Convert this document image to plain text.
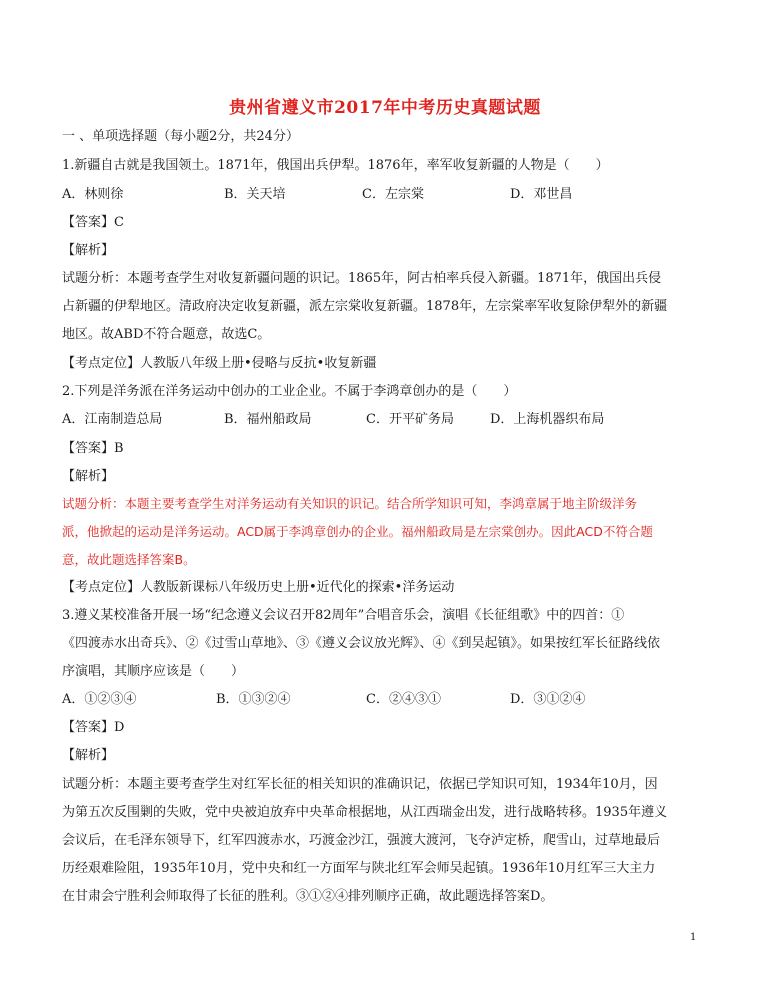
贵州省遵义市2017年中考历史真题试题
一 、单项选择题（每小题2分，共24分）
1.新疆自古就是我国领土。1871年，俄国出兵伊犁。1876年，率军收复新疆的人物是（　　）
A．林则徐	B．关天培	C．左宗棠	D．邓世昌
【答案】C
【解析】
试题分析：本题考查学生对收复新疆问题的识记。1865年，阿古柏率兵侵入新疆。1871年，俄国出兵侵
占新疆的伊犁地区。清政府决定收复新疆，派左宗棠收复新疆。1878年，左宗棠率军收复除伊犁外的新疆
地区。故ABD不符合题意，故选C。
【考点定位】人教版八年级上册•侵略与反抗•收复新疆
2.下列是洋务派在洋务运动中创办的工业企业。不属于李鸿章创办的是（　　）
A．江南制造总局	B．福州船政局	C．开平矿务局	D．上海机器织布局
【答案】B
【解析】
试题分析：本题主要考查学生对洋务运动有关知识的识记。结合所学知识可知，李鸿章属于地主阶级洋务
派，他掀起的运动是洋务运动。ACD属于李鸿章创办的企业。福州船政局是左宗棠创办。因此ACD不符合题
意，故此题选择答案B。
【考点定位】人教版新课标八年级历史上册•近代化的探索•洋务运动
3.遵义某校准备开展一场“纪念遵义会议召开82周年”合唱音乐会，演唱《长征组歌》中的四首：①
《四渡赤水出奇兵》、②《过雪山草地》、③《遵义会议放光辉》、④《到吴起镇》。如果按红军长征路线依
序演唱，其顺序应该是（　　）
A．①②③④	B．①③②④	C．②④③①	D．③①②④
【答案】D
【解析】
试题分析：本题主要考查学生对红军长征的相关知识的准确识记，依据已学知识可知，1934年10月，因
为第五次反围剿的失败，党中央被迫放弃中央革命根据地，从江西瑞金出发，进行战略转移。1935年遵义
会议后，在毛泽东领导下，红军四渡赤水，巧渡金沙江，强渡大渡河，飞夺泸定桥，爬雪山，过草地最后
历经艰难险阻，1935年10月，党中央和红一方面军与陕北红军会师吴起镇。1936年10月红军三大主力
在甘肃会宁胜利会师取得了长征的胜利。③①②④排列顺序正确，故此题选择答案D。
1
